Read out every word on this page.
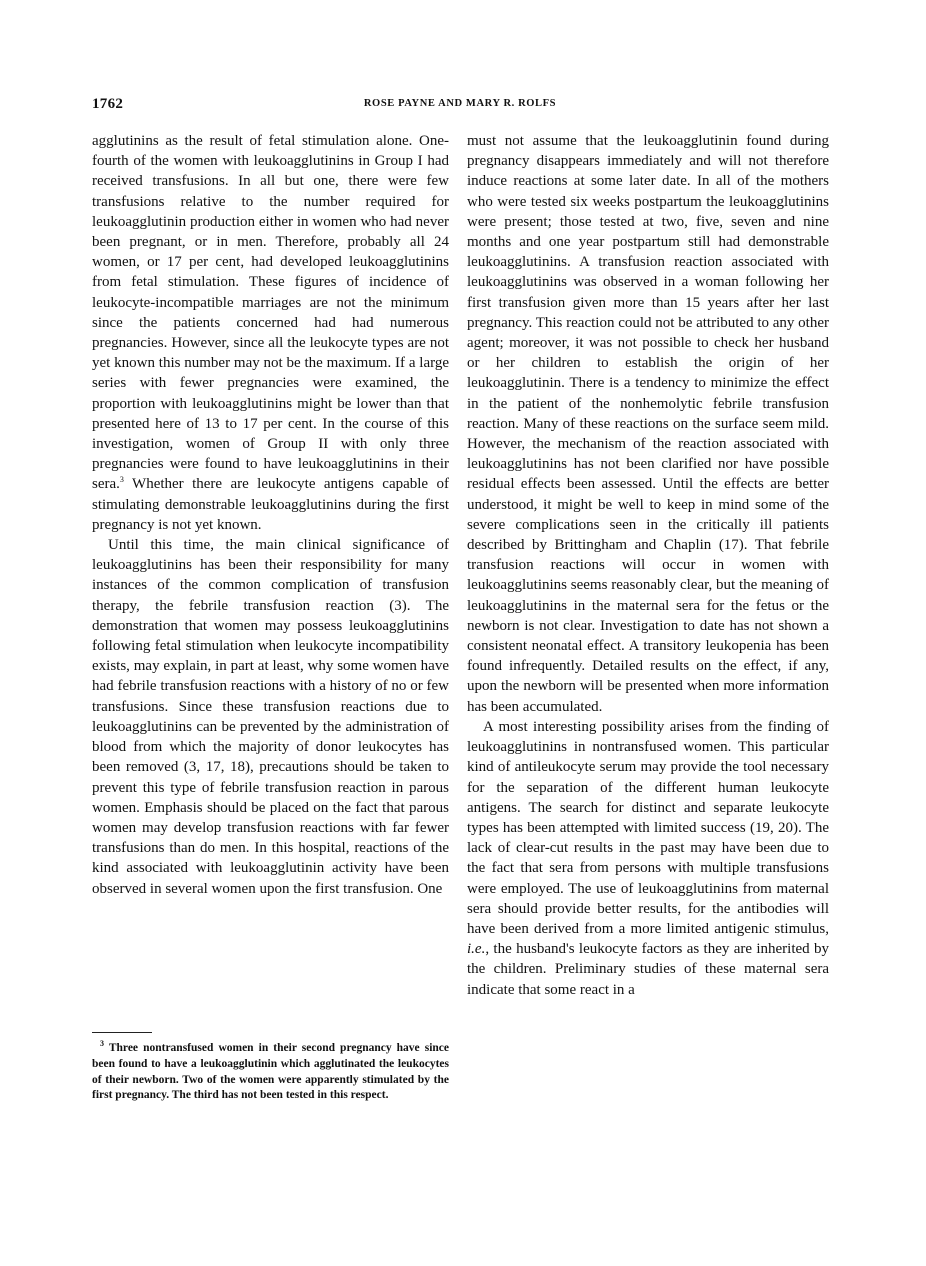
1762	ROSE PAYNE AND MARY R. ROLFS

agglutinins as the result of fetal stimulation alone. One-fourth of the women with leukoagglutinins in Group I had received transfusions. In all but one, there were few transfusions relative to the number required for leukoagglutinin production either in women who had never been pregnant, or in men. Therefore, probably all 24 women, or 17 per cent, had developed leukoagglutinins from fetal stimulation. These figures of incidence of leukocyte-incompatible marriages are not the minimum since the patients concerned had had numerous pregnancies. However, since all the leukocyte types are not yet known this number may not be the maximum. If a large series with fewer pregnancies were examined, the proportion with leukoagglutinins might be lower than that presented here of 13 to 17 per cent. In the course of this investigation, women of Group II with only three pregnancies were found to have leukoagglutinins in their sera.$^3$ Whether there are leukocyte antigens capable of stimulating demonstrable leukoagglutinins during the first pregnancy is not yet known.

Until this time, the main clinical significance of leukoagglutinins has been their responsibility for many instances of the common complication of transfusion therapy, the febrile transfusion reaction (3). The demonstration that women may possess leukoagglutinins following fetal stimulation when leukocyte incompatibility exists, may explain, in part at least, why some women have had febrile transfusion reactions with a history of no or few transfusions. Since these transfusion reactions due to leukoagglutinins can be prevented by the administration of blood from which the majority of donor leukocytes has been removed (3, 17, 18), precautions should be taken to prevent this type of febrile transfusion reaction in parous women. Emphasis should be placed on the fact that parous women may develop transfusion reactions with far fewer transfusions than do men. In this hospital, reactions of the kind associated with leukoagglutinin activity have been observed in several women upon the first transfusion. One

$^3$ Three nontransfused women in their second pregnancy have since been found to have a leukoagglutinin which agglutinated the leukocytes of their newborn. Two of the women were apparently stimulated by the first pregnancy. The third has not been tested in this respect.

must not assume that the leukoagglutinin found during pregnancy disappears immediately and will not therefore induce reactions at some later date. In all of the mothers who were tested six weeks postpartum the leukoagglutinins were present; those tested at two, five, seven and nine months and one year postpartum still had demonstrable leukoagglutinins. A transfusion reaction associated with leukoagglutinins was observed in a woman following her first transfusion given more than 15 years after her last pregnancy. This reaction could not be attributed to any other agent; moreover, it was not possible to check her husband or her children to establish the origin of her leukoagglutinin. There is a tendency to minimize the effect in the patient of the nonhemolytic febrile transfusion reaction. Many of these reactions on the surface seem mild. However, the mechanism of the reaction associated with leukoagglutinins has not been clarified nor have possible residual effects been assessed. Until the effects are better understood, it might be well to keep in mind some of the severe complications seen in the critically ill patients described by Brittingham and Chaplin (17). That febrile transfusion reactions will occur in women with leukoagglutinins seems reasonably clear, but the meaning of leukoagglutinins in the maternal sera for the fetus or the newborn is not clear. Investigation to date has not shown a consistent neonatal effect. A transitory leukopenia has been found infrequently. Detailed results on the effect, if any, upon the newborn will be presented when more information has been accumulated.

A most interesting possibility arises from the finding of leukoagglutinins in nontransfused women. This particular kind of antileukocyte serum may provide the tool necessary for the separation of the different human leukocyte antigens. The search for distinct and separate leukocyte types has been attempted with limited success (19, 20). The lack of clear-cut results in the past may have been due to the fact that sera from persons with multiple transfusions were employed. The use of leukoagglutinins from maternal sera should provide better results, for the antibodies will have been derived from a more limited antigenic stimulus, i.e., the husband's leukocyte factors as they are inherited by the children. Preliminary studies of these maternal sera indicate that some react in a
